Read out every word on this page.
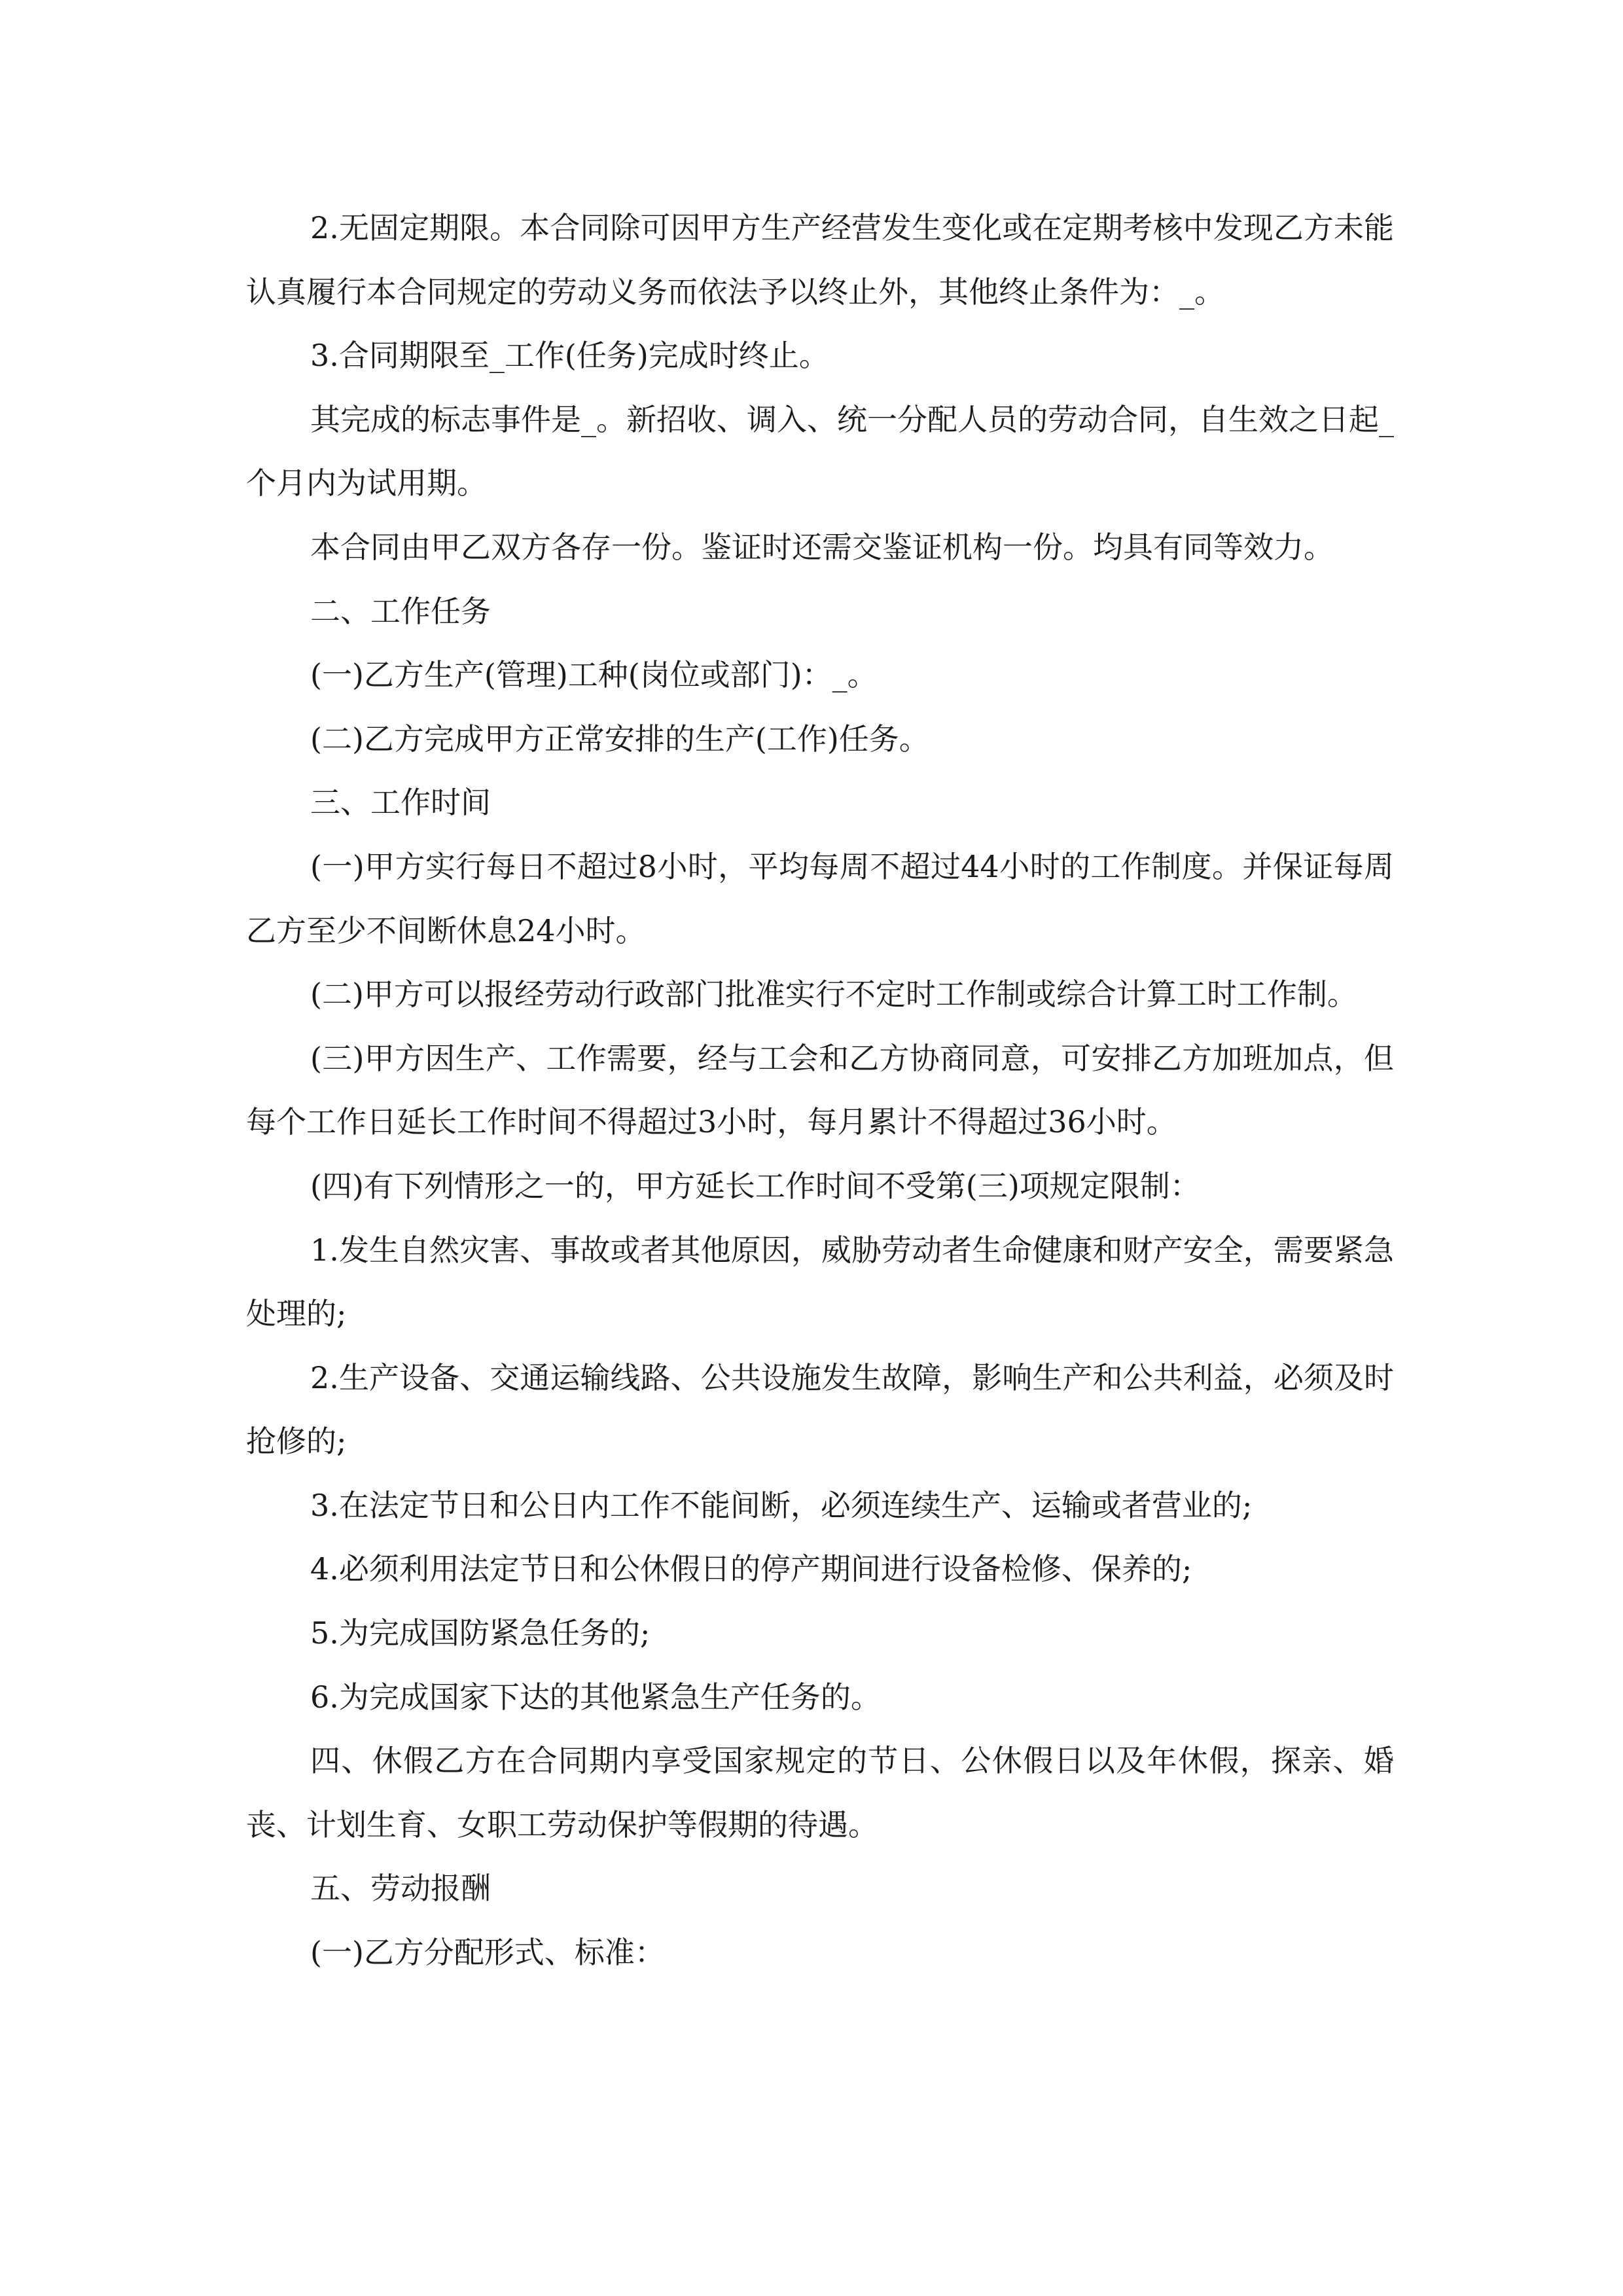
2.无固定期限。本合同除可因甲方生产经营发生变化或在定期考核中发现乙方未能认真履行本合同规定的劳动义务而依法予以终止外，其他终止条件为：_。

3.合同期限至_工作(任务)完成时终止。

其完成的标志事件是_。新招收、调入、统一分配人员的劳动合同，自生效之日起_个月内为试用期。

本合同由甲乙双方各存一份。鉴证时还需交鉴证机构一份。均具有同等效力。

二、工作任务

(一)乙方生产(管理)工种(岗位或部门)：_。

(二)乙方完成甲方正常安排的生产(工作)任务。

三、工作时间

(一)甲方实行每日不超过8小时，平均每周不超过44小时的工作制度。并保证每周乙方至少不间断休息24小时。

(二)甲方可以报经劳动行政部门批准实行不定时工作制或综合计算工时工作制。

(三)甲方因生产、工作需要，经与工会和乙方协商同意，可安排乙方加班加点，但每个工作日延长工作时间不得超过3小时，每月累计不得超过36小时。

(四)有下列情形之一的，甲方延长工作时间不受第(三)项规定限制：

1.发生自然灾害、事故或者其他原因，威胁劳动者生命健康和财产安全，需要紧急处理的;

2.生产设备、交通运输线路、公共设施发生故障，影响生产和公共利益，必须及时抢修的;

3.在法定节日和公日内工作不能间断，必须连续生产、运输或者营业的;

4.必须利用法定节日和公休假日的停产期间进行设备检修、保养的;

5.为完成国防紧急任务的;

6.为完成国家下达的其他紧急生产任务的。

四、休假乙方在合同期内享受国家规定的节日、公休假日以及年休假，探亲、婚丧、计划生育、女职工劳动保护等假期的待遇。

五、劳动报酬

(一)乙方分配形式、标准：
